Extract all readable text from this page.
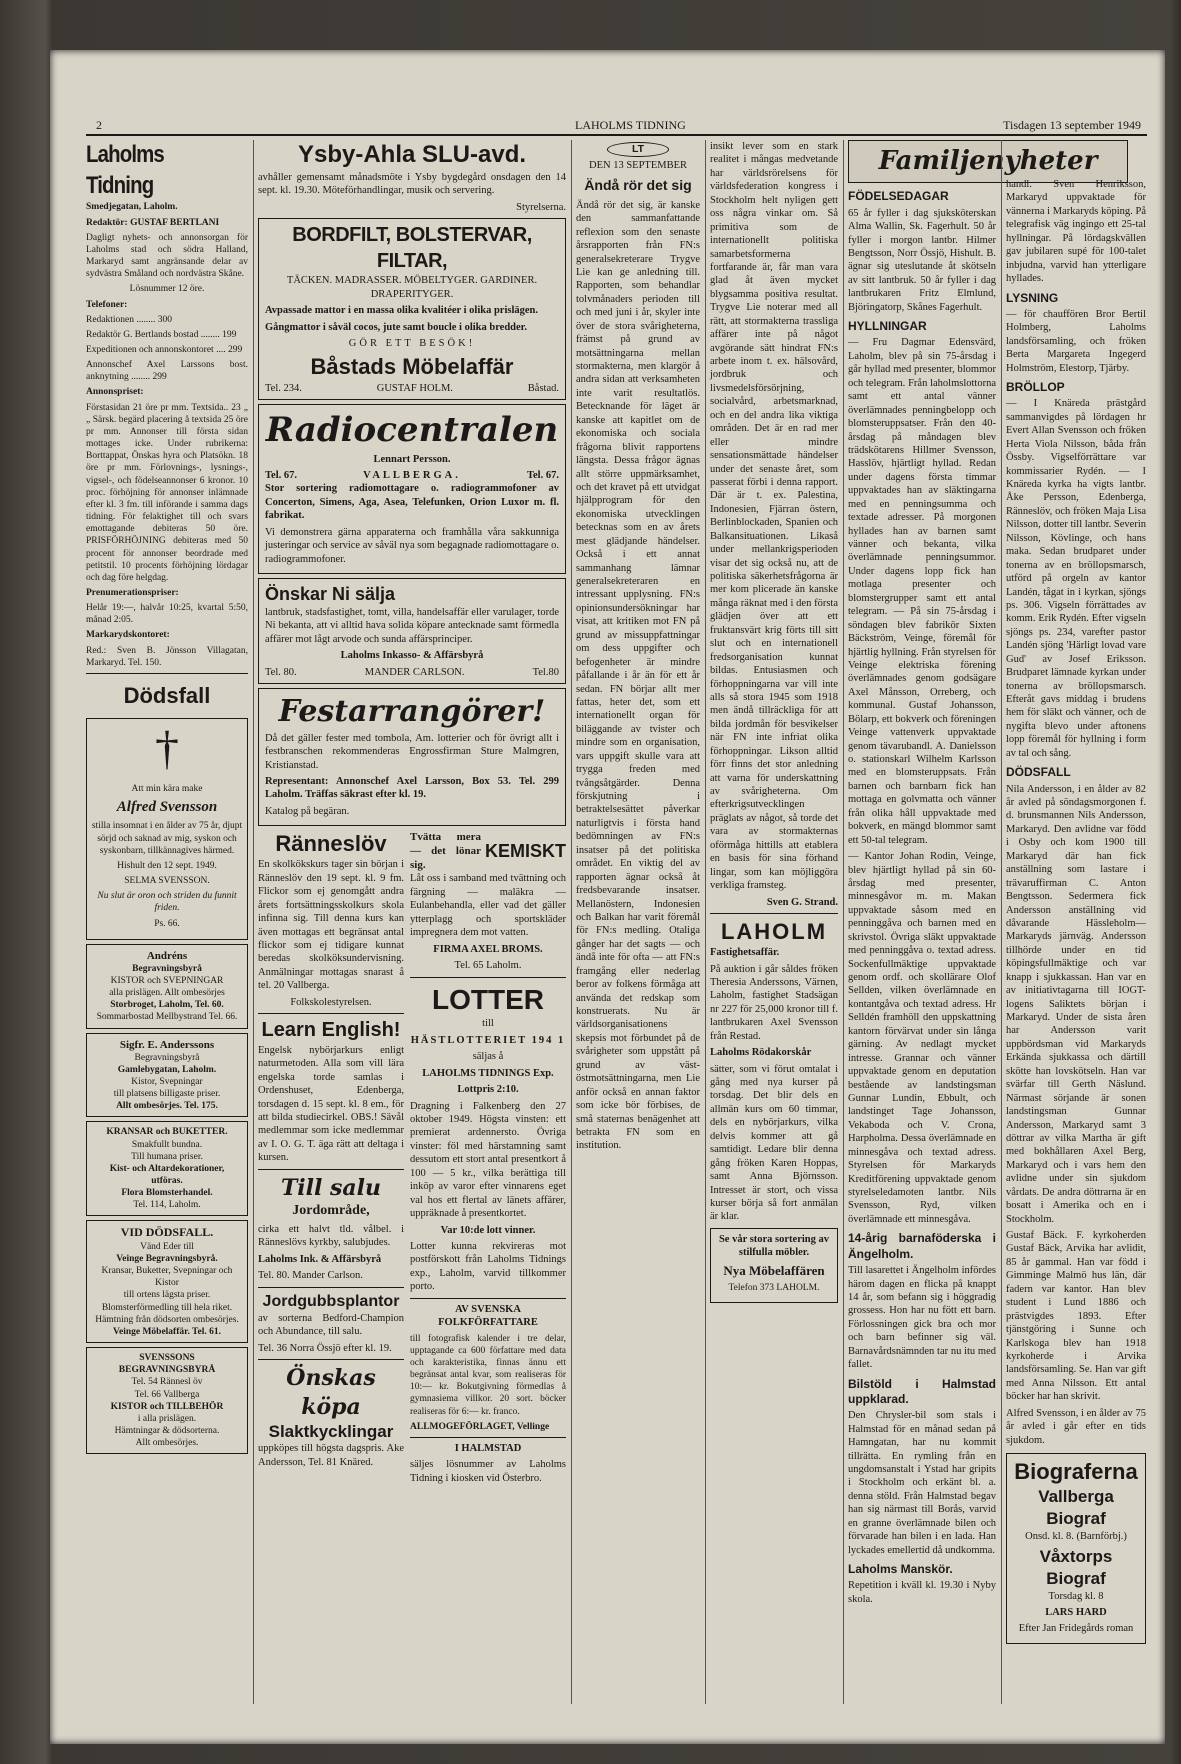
2	LAHOLMS TIDNING	Tisdagen 13 september 1949
Laholms Tidning

Smedjegatan, Laholm.

Redaktör: GUSTAF BERTLANI

Dagligt nyhets- och annonsorgan för Laholms stad och södra Halland, Markaryd samt angränsande delar av sydvästra Småland och nordvästra Skåne.

Lösnummer 12 öre.

Telefoner:

Redaktionen ........ 300

Redaktör G. Bertlands bostad ........ 199

Expeditionen och annonskontoret .... 299

Annonschef Axel Larssons bost. anknytning ........ 299

Annonspriset:

Förstasidan 21 öre pr mm. Textsida.. 23 „ „ Särsk. begärd placering å textsida 25 öre pr mm. Annonser till första sidan mottages icke. Under rubrikerna: Borttappat, Önskas hyra och Platsökn. 18 öre pr mm. Förlovnings-, lysnings-, vigsel-, och födelseannonser 6 kronor. 10 proc. förhöjning för annonser inlämnade efter kl. 3 fm. till införande i samma dags tidning. För felaktighet till och svars emottagande debiteras 50 öre. PRISFÖRHÖJNING debiteras med 50 procent för annonser beordrade med petitstil. 10 procents förhöjning lördagar och dag före helgdag.

Prenumerationspriser:

Helår 19:—, halvår 10:25, kvartal 5:50, månad 2:05.

Markarydskontoret:

Red.: Sven B. Jönsson Villagatan, Markaryd. Tel. 150.

Dödsfall
†

Att min kära make

Alfred Svensson

stilla insomnat i en ålder av 75 år, djupt sörjd och saknad av mig, syskon och syskonbarn, tillkännagives härmed.

Hishult den 12 sept. 1949.

SELMA SVENSSON.

Nu slut är oron och striden du funnit friden.

Ps. 66.

Andréns
Begravningsbyrå
KISTOR och SVEPNINGAR
alla prislägen. Allt ombesörjes
Storbroget, Laholm, Tel. 60.
Sommarbostad Mellbystrand Tel. 66.
Sigfr. E. Anderssons
Begravningsbyrå
Gamlebygatan, Laholm.
Kistor, Svepningar
till platsens billigaste priser.
Allt ombesörjes. Tel. 175.
KRANSAR och BUKETTER.
Smakfullt bundna.
Till humana priser.
Kist- och Altardekorationer, utföras.
Flora Blomsterhandel.
Tel. 114, Laholm.
VID DÖDSFALL.
Vänd Eder till
Veinge Begravningsbyrå.
Kransar, Buketter, Svepningar och Kistor
till ortens lägsta priser.
Blomsterförmedling till hela riket.
Hämtning från dödsorten ombesörjes.
Veinge Möbelaffär. Tel. 61.
SVENSSONS BEGRAVNINGSBYRÅ
Tel. 54 Rännesl öv
Tel. 66 Vallberga
KISTOR och TILLBEHÖR
i alla prislägen.
Hämtningar & dödsorterna.
Allt ombesörjes.
Ysby-Ahla SLU-avd.

avhåller gemensamt månadsmöte i Ysby bygdegård onsdagen den 14 sept. kl. 19.30. Möteförhandlingar, musik och servering.

Styrelserna.

BORDFILT, BOLSTERVAR, FILTAR,

TÄCKEN. MADRASSER. MÖBELTYGER. GARDINER. DRAPERITYGER.

Avpassade mattor i en massa olika kvalitéer i olika prislägen.

Gångmattor i såväl cocos, jute samt boucle i olika bredder.

GÖR ETT BESÖK!

Båstads Möbelaffär
Tel. 234.	GUSTAF HOLM.	Båstad.
Radiocentralen

Lennart Persson.

Tel. 67.	VALLBERGA.	Tel. 67.

Stor sortering radiomottagare o. radiogrammofoner av Concerton, Simens, Aga, Asea, Telefunken, Orion Luxor m. fl. fabrikat.

Vi demonstrera gärna apparaterna och framhålla våra sakkunniga justeringar och service av såväl nya som begagnade radiomottagare o. radiogrammofoner.

Önskar Ni sälja

lantbruk, stadsfastighet, tomt, villa, handelsaffär eller varulager, torde Ni bekanta, att vi alltid hava solida köpare antecknade samt förmedla affärer mot lågt arvode och sunda affärsprinciper.

Laholms Inkasso- & Affärsbyrå

Tel. 80.	MANDER CARLSON.	Tel.80
Festarrangörer!

Då det gäller fester med tombola, Am. lotterier och för övrigt allt i festbranschen rekommenderas Engrossfirman Sture Malmgren, Kristianstad.

Representant: Annonschef Axel Larsson, Box 53. Tel. 299 Laholm. Träffas säkrast efter kl. 19.

Katalog på begäran.

Ränneslöv

En skolkökskurs tager sin början i Ränneslöv den 19 sept. kl. 9 fm. Flickor som ej genomgått andra årets fortsättningsskolkurs skola infinna sig. Till denna kurs kan även mottagas ett begränsat antal flickor som ej tidigare kunnat beredas skolköksundervisning. Anmälningar mottagas snarast å tel. 20 Vallberga.

Folkskolestyrelsen.

Learn English!

Engelsk nybörjarkurs enligt naturmetoden. Alla som vill lära engelska torde samlas i Ordenshuset, Edenberga, torsdagen d. 15 sept. kl. 8 em., för att bilda studiecirkel. OBS.! Sävål medlemmar som icke medlemmar av I. O. G. T. äga rätt att deltaga i kursen.

Till salu

Jordområde,

cirka ett halvt tld. vålbel. i Ränneslövs kyrkby, salubjudes.

Laholms Ink. & Affärsbyrå

Tel. 80. Mander Carlson.

Jordgubbsplantor

av sorterna Bedford-Champion och Abundance, till salu.

Tel. 36 Norra Össjö efter kl. 19.

Önskas köpa
Slaktkycklingar

uppköpes till högsta dagspris. Ake Andersson, Tel. 81 Knäred.

Tvätta mera — det lönar sig.
KEMISKT

Låt oss i samband med tvättning och färgning — maläkra — Eulanbehandla, eller vad det gäller ytterplagg och sportskläder impregnera dem mot vatten.

FIRMA AXEL BROMS.

Tel. 65 Laholm.

LOTTER

till

HÄSTLOTTERIET 194 1

säljas å

LAHOLMS TIDNINGS Exp.

Lottpris 2:10.

Dragning i Falkenberg den 27 oktober 1949. Högsta vinsten: ett premierat ardennersto. Övriga vinster: föl med härstamning samt dessutom ett stort antal presentkort å 100 — 5 kr., vilka berättiga till inköp av varor efter vinnarens eget val hos ett flertal av länets affärer, uppräknade å presentkortet.

Var 10:de lott vinner.

Lotter kunna rekvireras mot postförskott från Laholms Tidnings exp., Laholm, varvid tillkommer porto.

AV SVENSKA FOLKFÖRFATTARE

till fotografisk kalender i tre delar, upptagande ca 600 författare med data och karakteristika, finnas ännu ett begränsat antal kvar, som realiseras för 10:— kr. Bokutgivning förmedlas å gymnasiema villkor. 20 sort. böcker realiseras för 6:— kr. franco.

ALLMOGEFÖRLAGET, Vellinge

I HALMSTAD

säljes lösnummer av Laholms Tidning i kiosken vid Österbro.

LT

DEN 13 SEPTEMBER

Ändå rör det sig

Ändå rör det sig, är kanske den sammanfattande reflexion som den senaste årsrapporten från FN:s generalsekreterare Trygve Lie kan ge anledning till. Rapporten, som behandlar tolvmånaders perioden till och med juni i år, skyler inte över de stora svårigheterna, främst på grund av motsättningarna mellan stormakterna, men klargör å andra sidan att verksamheten inte varit resultatlös. Betecknande för läget är kanske att kapitlet om de ekonomiska och sociala frågorna blivit rapportens längsta. Dessa frågor ägnas allt större uppmärksamhet, och det kravet på ett utvidgat hjälpprogram för den ekonomiska utvecklingen betecknas som en av årets mest glädjande händelser. Också i ett annat sammanhang lämnar generalsekreteraren en intressant upplysning. FN:s opinionsundersökningar har visat, att kritiken mot FN på grund av missuppfattningar om dess uppgifter och befogenheter är mindre påfallande i år än för ett år sedan. FN börjar allt mer fattas, heter det, som ett internationellt organ för biläggande av tvister och mindre som en organisation, vars uppgift skulle vara att trygga freden med tvångsåtgärder. Denna förskjutning i betraktelsesättet påverkar naturligtvis i första hand bedömningen av FN:s insatser på det politiska området. En viktig del av rapporten ägnar också åt fredsbevarande insatser. Mellanöstern, Indonesien och Balkan har varit föremål för FN:s medling. Otaliga gånger har det sagts — och ändå inte för ofta — att FN:s framgång eller nederlag beror av folkens förmåga att använda det redskap som konstruerats. Nu är världsorganisationens skepsis mot förbundet på de svårigheter som uppstått på grund av väst-östmotsättningarna, men Lie anför också en annan faktor som icke bör förbises, de små staternas benägenhet att betrakta FN som en institution.

insikt lever som en stark realitet i mångas medvetande har världsrörelsens för världsfederation kongress i Stockholm helt nyligen gett oss några vinkar om. Så primitiva som de internationellt politiska samarbetsformerna fortfarande är, får man vara glad åt även mycket blygsamma positiva resultat. Trygve Lie noterar med all rätt, att stormakterna trassliga affärer inte på något avgörande sätt hindrat FN:s arbete inom t. ex. hälsovård, jordbruk och livsmedelsförsörjning, socialvård, arbetsmarknad, och en del andra lika viktiga områden. Det är en rad mer eller mindre sensationsmättade händelser under det senaste året, som passerat förbi i denna rapport. Där är t. ex. Palestina, Indonesien, Fjärran östern, Berlinblockaden, Spanien och Balkansituationen. Likaså under mellankrigsperioden visar det sig också nu, att de politiska säkerhetsfrågorna är mer kom plicerade än kanske många räknat med i den första glädjen över att ett fruktansvärt krig förts till sitt slut och en internationell fredsorganisation kunnat bildas. Entusiasmen och förhoppningarna var vill inte alls så stora 1945 som 1918 men ändå tillräckliga för att bilda jordmån för besvikelser när FN inte infriat olika förhoppningar. Likson alltid förr finns det stor anledning att varna för underskattning av svårigheterna. Om efterkrigsutvecklingen präglats av något, så torde det vara av stormakternas oförmåga hittills att etablera en basis för sina förhand lingar, som kan möjliggöra verkliga framsteg.

Sven G. Strand.

LAHOLM

Fastighetsaffär.

På auktion i går såldes fröken Theresia Anderssons, Värnen, Laholm, fastighet Stadsägan nr 227 för 25,000 kronor till f. lantbrukaren Axel Svensson från Restad.

Laholms Rödakorskår

sätter, som vi förut omtalat i gång med nya kurser på torsdag. Det blir dels en allmän kurs om 60 timmar, dels en nybörjarkurs, vilka delvis kommer att gå samtidigt. Ledare blir denna gång fröken Karen Hoppas, samt Anna Björnsson. Intresset är stort, och vissa kurser börja så fort anmälan är klar.

Se vår stora sortering av stilfulla möbler.

Nya Möbelaffären

Telefon 373 LAHOLM.

Familjenyheter
FÖDELSEDAGAR

65 år fyller i dag sjuksköterskan Alma Wallin, Sk. Fagerhult. 50 år fyller i morgon lantbr. Hilmer Bengtsson, Norr Össjö, Hishult. B. ägnar sig uteslutande åt skötseln av sitt lantbruk. 50 år fyller i dag lantbrukaren Fritz Elmlund, Björingatorp, Skånes Fagerhult.

HYLLNINGAR

— Fru Dagmar Edensvärd, Laholm, blev på sin 75-årsdag i går hyllad med presenter, blommor och telegram. Från laholmslottorna samt ett antal vänner överlämnades penningbelopp och blomsteruppsatser. Från den 40-årsdag på måndagen blev trädskötarens Hillmer Svensson, Hasslöv, hjärtligt hyllad. Redan under dagens första timmar uppvaktades han av släktingarna med en penningsumma och textade adresser. På morgonen hyllades han av barnen samt vänner och bekanta, vilka överlämnade penningsummor. Under dagens lopp fick han motlaga presenter och blomstergrupper samt ett antal telegram. — På sin 75-årsdag i söndagen blev fabrikör Sixten Bäckström, Veinge, föremål för hjärtlig hyllning. Från styrelsen för Veinge elektriska förening överlämnades genom godsägare Axel Månsson, Orreberg, och kommunal. Gustaf Johansson, Bölarp, ett bokverk och föreningen Veinge vattenverk uppvaktade genom tävarubandl. A. Danielsson o. stationskarl Wilhelm Karlsson med en blomsteruppsats. Från barnen och barnbarn fick han mottaga en golvmatta och vänner från olika håll uppvaktade med bokverk, en mängd blommor samt ett 50-tal telegram.

— Kantor Johan Rodin, Veinge, blev hjärtligt hyllad på sin 60-årsdag med presenter, minnesgåvor m. m. Makan uppvaktade såsom med en penninggåva och barnen med en skrivstol. Övriga släkt uppvaktade med penninggåva o. textad adress. Sockenfullmäktige uppvaktade genom ordf. och skollärare Olof Sellden, vilken överlämnade en kontantgåva och textad adress. Hr Selldén framhöll den uppskattning kantorn förvärvat under sin långa gärning. Av nedlagt mycket intresse. Grannar och vänner uppvaktade genom en deputation bestående av landstingsman Gunnar Lundin, Ebbult, och landstinget Tage Johansson, Vekaboda och V. Crona, Harpholma. Dessa överlämnade en minnesgåva och textad adress. Styrelsen för Markaryds Kreditförening uppvaktade genom styrelseledamoten lantbr. Nils Svensson, Ryd, vilken överlämnade ett minnesgåva.

14-årig barnaföderska i Ängelholm.

Till lasarettet i Ängelholm infördes härom dagen en flicka på knappt 14 år, som befann sig i höggradig grossess. Hon har nu fött ett barn. Förlossningen gick bra och mor och barn befinner sig väl. Barnavårdsnämnden tar nu itu med fallet.

Bilstöld i Halmstad uppklarad.

Den Chrysler-bil som stals i Halmstad för en månad sedan på Hamngatan, har nu kommit tillrätta. En rymling från en ungdomsanstalt i Ystad har gripits i Stockholm och erkänt bl. a. denna stöld. Från Halmstad begav han sig närmast till Borås, varvid en granne överlämnade bilen och förvarade han bilen i en lada. Han lyckades emellertid då undkomma.

Laholms Manskör.

Repetition i kväll kl. 19.30 i Nyby skola.

handl. Sven Henriksson, Markaryd uppvaktade för vännerna i Markaryds köping. På telegrafisk väg ingingo ett 25-tal hyllningar. På lördagskvällen gav jubilaren supé för 100-talet inbjudna, varvid han ytterligare hyllades.

LYSNING

— för chauffören Bror Bertil Holmberg, Laholms landsförsamling, och fröken Berta Margareta Ingegerd Holmström, Elestorp, Tjärby.

BRÖLLOP

— I Knäreda prästgård sammanvigdes på lördagen hr Evert Allan Svensson och fröken Herta Viola Nilsson, båda från Össby. Vigselförrättare var kommissarier Rydén. — I Knäreda kyrka ha vigts lantbr. Åke Persson, Edenberga, Ränneslöv, och fröken Maja Lisa Nilsson, dotter till lantbr. Severin Nilsson, Kövlinge, och hans maka. Sedan brudparet under tonerna av en bröllopsmarsch, utförd på orgeln av kantor Landén, tågat in i kyrkan, sjöngs ps. 306. Vigseln förrättades av komm. Erik Rydén. Efter vigseln sjöngs ps. 234, varefter pastor Landén sjöng 'Härligt lovad vare Gud' av Josef Eriksson. Brudparet lämnade kyrkan under tonerna av bröllopsmarsch. Efteråt gavs middag i brudens hem för släkt och vänner, och de nygifta blevo under aftonens lopp föremål för hyllning i form av tal och sång.

DÖDSFALL

Nila Andersson, i en ålder av 82 år avled på söndagsmorgonen f. d. brunsmannen Nils Andersson, Markaryd. Den avlidne var född i Osby och kom 1900 till Markaryd där han fick anställning som lastare i trävaruffirman C. Anton Bengtsson. Sedermera fick Andersson anställning vid dåvarande Hässleholm—Markaryds järnväg. Andersson tillhörde under en tid köpingsfullmäktige och var knapp i sjukkassan. Han var en av initiativtagarna till IOGT-logens Saliktets början i Markaryd. Under de sista åren har Andersson varit uppbördsman vid Markaryds Erkända sjukkassa och därtill skötte han lovskötseln. Han var svärfar till Gerth Näslund. Närmast sörjande är sonen landstingsman Gunnar Andersson, Markaryd samt 3 döttrar av vilka Martha är gift med bokhållaren Axel Berg, Markaryd och i vars hem den avlidne under sin sjukdom vårdats. De andra döttrarna är en bosatt i Amerika och en i Stockholm.

Gustaf Bäck. F. kyrkoherden Gustaf Bäck, Arvika har avlidit, 85 år gammal. Han var född i Gimminge Malmö hus län, där fadern var kantor. Han blev student i Lund 1886 och prästvigdes 1893. Efter tjänstgöring i Sunne och Karlskoga blev han 1918 kyrkoherde i Arvika landsförsamling. Se. Han var gift med Anna Nilsson. Ett antal böcker har han skrivit.

Alfred Svensson, i en ålder av 75 år avled i går efter en tids sjukdom.

Biograferna
Vallberga Biograf

Onsd. kl. 8. (Barnförbj.)

Våxtorps Biograf

Torsdag kl. 8

LARS HARD

Efter Jan Fridegårds roman
